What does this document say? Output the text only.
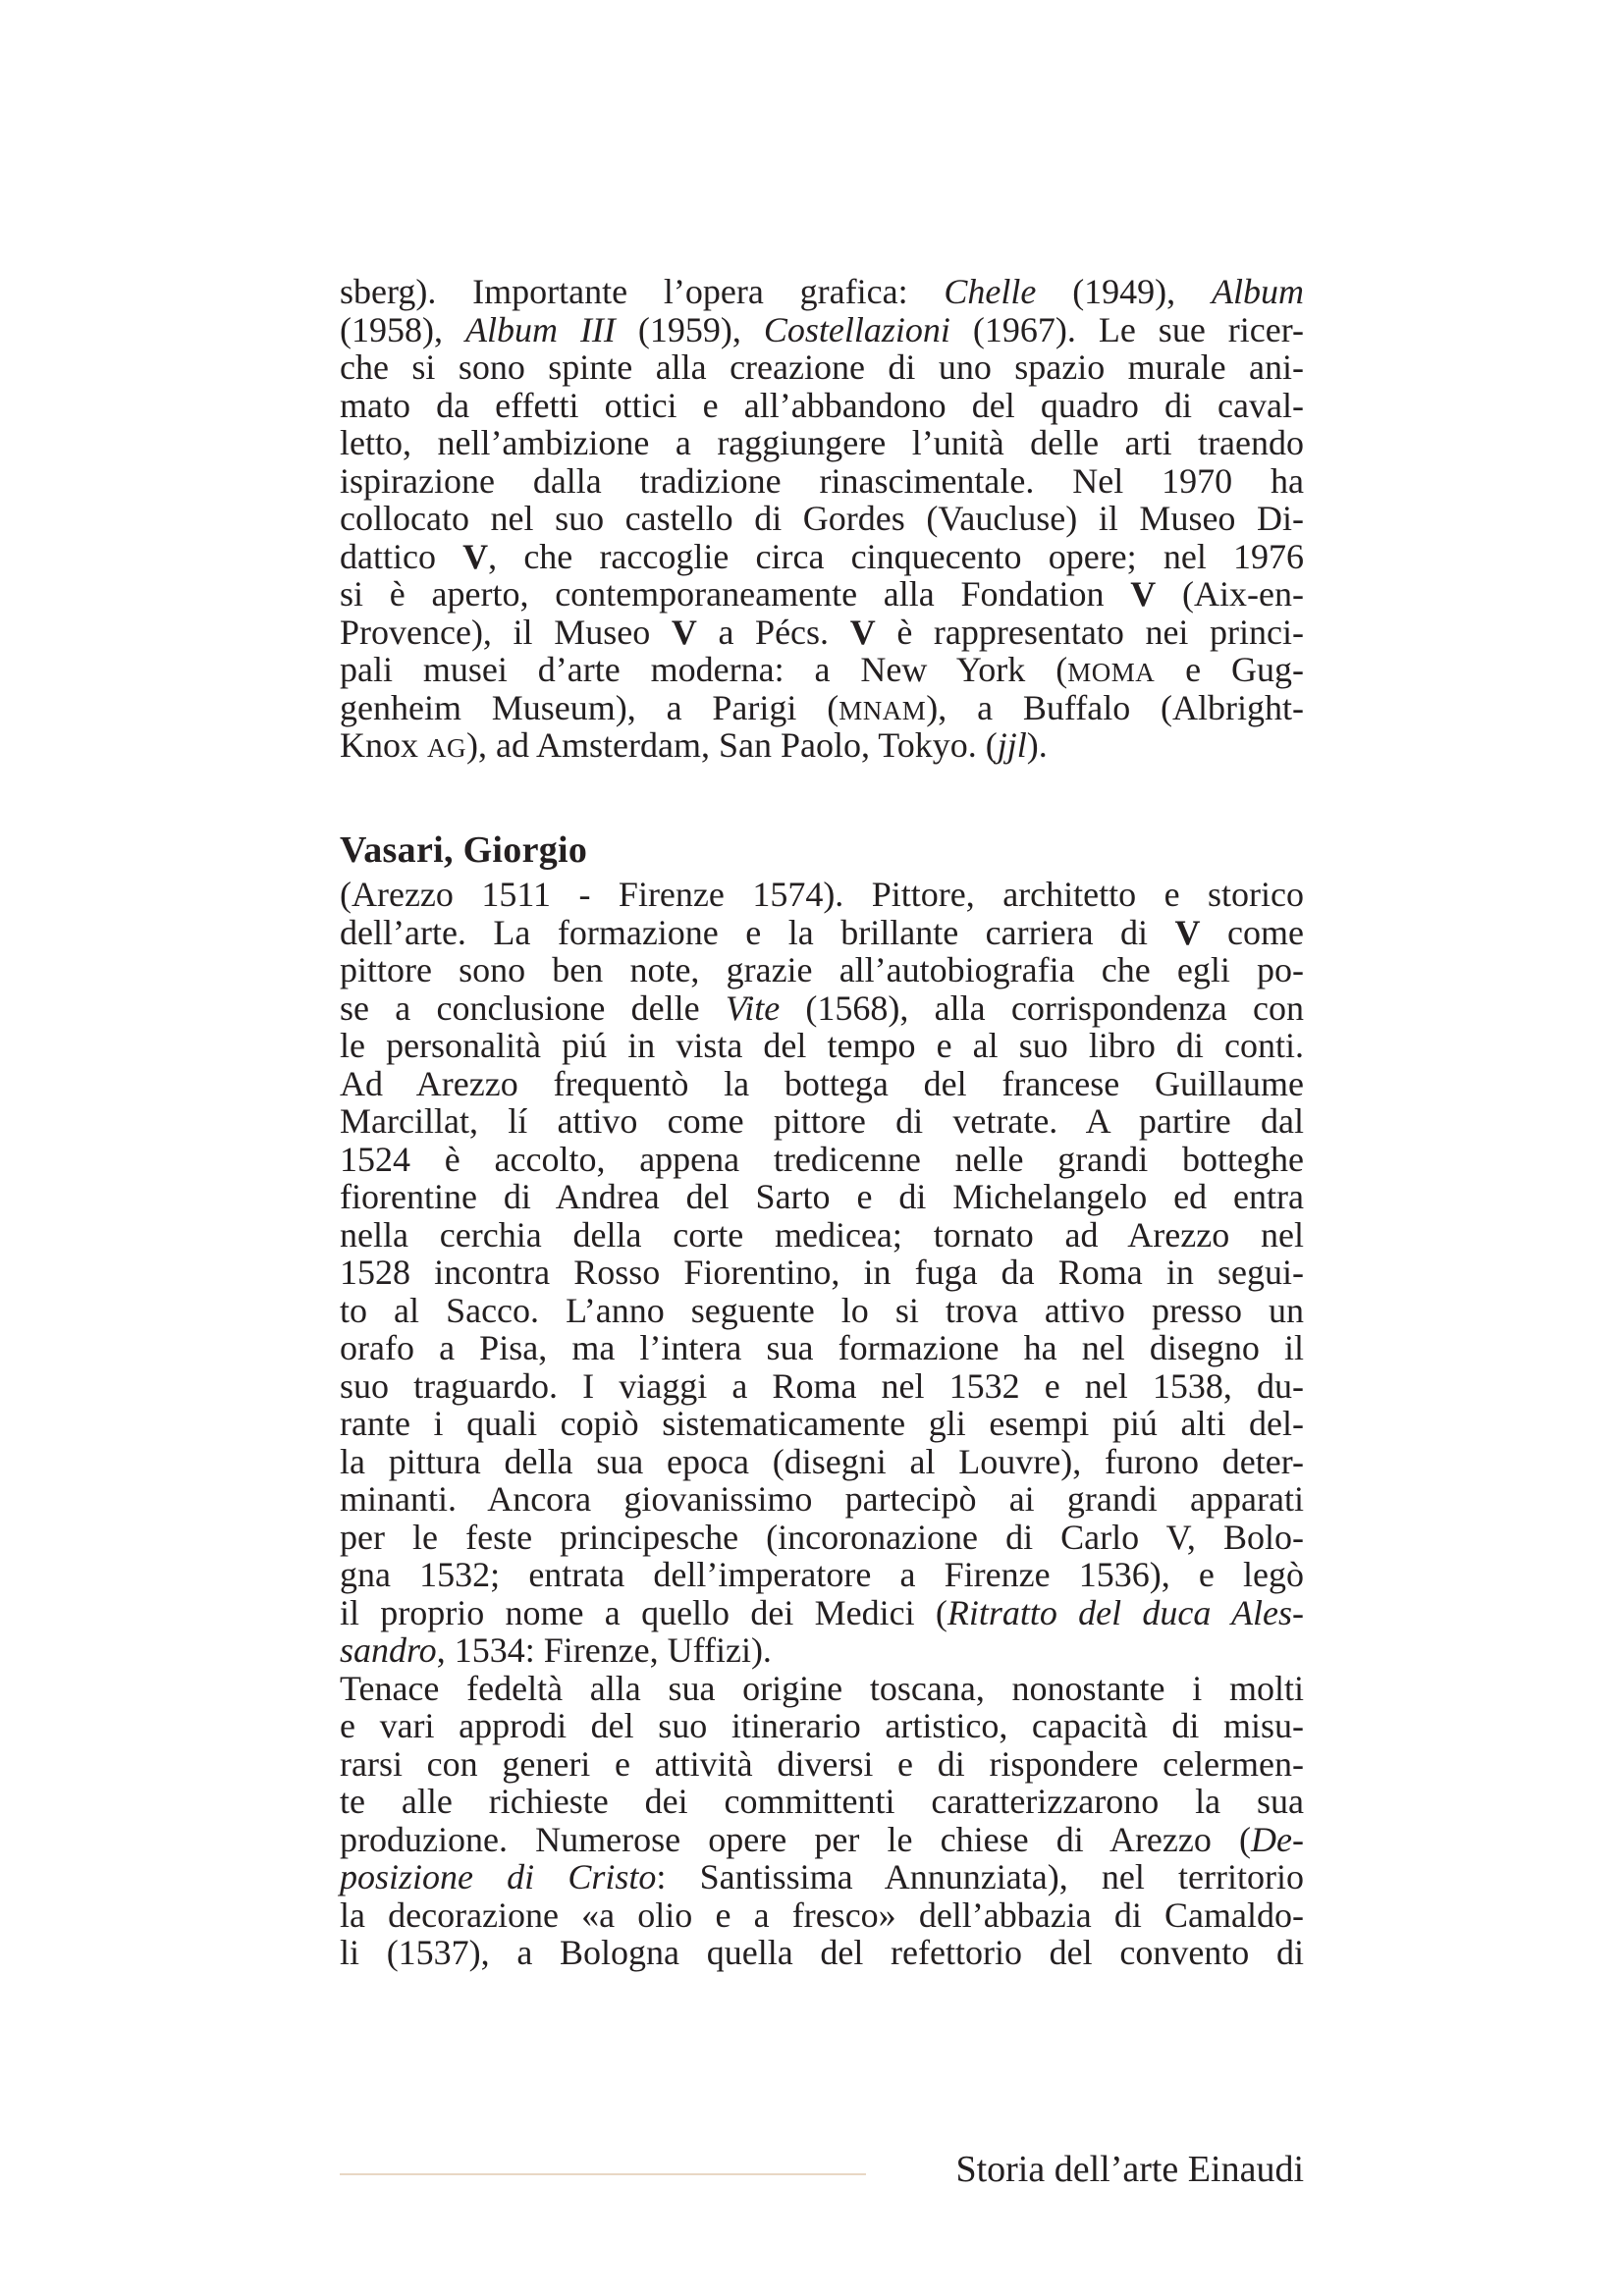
sberg). Importante l’opera grafica: Chelle (1949), Album
(1958), Album III (1959), Costellazioni (1967). Le sue ricer-
che si sono spinte alla creazione di uno spazio murale ani-
mato da effetti ottici e all’abbandono del quadro di caval-
letto, nell’ambizione a raggiungere l’unità delle arti traendo
ispirazione dalla tradizione rinascimentale. Nel 1970 ha
collocato nel suo castello di Gordes (Vaucluse) il Museo Di-
dattico V, che raccoglie circa cinquecento opere; nel 1976
si è aperto, contemporaneamente alla Fondation V (Aix-en-
Provence), il Museo V a Pécs. V è rappresentato nei princi-
pali musei d’arte moderna: a New York (MOMA e Gug-
genheim Museum), a Parigi (MNAM), a Buffalo (Albright-
Knox AG), ad Amsterdam, San Paolo, Tokyo. (jjl).
Vasari, Giorgio
(Arezzo 1511 - Firenze 1574). Pittore, architetto e storico
dell’arte. La formazione e la brillante carriera di V come
pittore sono ben note, grazie all’autobiografia che egli po-
se a conclusione delle Vite (1568), alla corrispondenza con
le personalità piú in vista del tempo e al suo libro di conti.
Ad Arezzo frequentò la bottega del francese Guillaume
Marcillat, lí attivo come pittore di vetrate. A partire dal
1524 è accolto, appena tredicenne nelle grandi botteghe
fiorentine di Andrea del Sarto e di Michelangelo ed entra
nella cerchia della corte medicea; tornato ad Arezzo nel
1528 incontra Rosso Fiorentino, in fuga da Roma in segui-
to al Sacco. L’anno seguente lo si trova attivo presso un
orafo a Pisa, ma l’intera sua formazione ha nel disegno il
suo traguardo. I viaggi a Roma nel 1532 e nel 1538, du-
rante i quali copiò sistematicamente gli esempi piú alti del-
la pittura della sua epoca (disegni al Louvre), furono deter-
minanti. Ancora giovanissimo partecipò ai grandi apparati
per le feste principesche (incoronazione di Carlo V, Bolo-
gna 1532; entrata dell’imperatore a Firenze 1536), e legò
il proprio nome a quello dei Medici (Ritratto del duca Ales-
sandro, 1534: Firenze, Uffizi).
Tenace fedeltà alla sua origine toscana, nonostante i molti
e vari approdi del suo itinerario artistico, capacità di misu-
rarsi con generi e attività diversi e di rispondere celermen-
te alle richieste dei committenti caratterizzarono la sua
produzione. Numerose opere per le chiese di Arezzo (De-
posizione di Cristo: Santissima Annunziata), nel territorio
la decorazione «a olio e a fresco» dell’abbazia di Camaldo-
li (1537), a Bologna quella del refettorio del convento di
Storia dell’arte Einaudi
